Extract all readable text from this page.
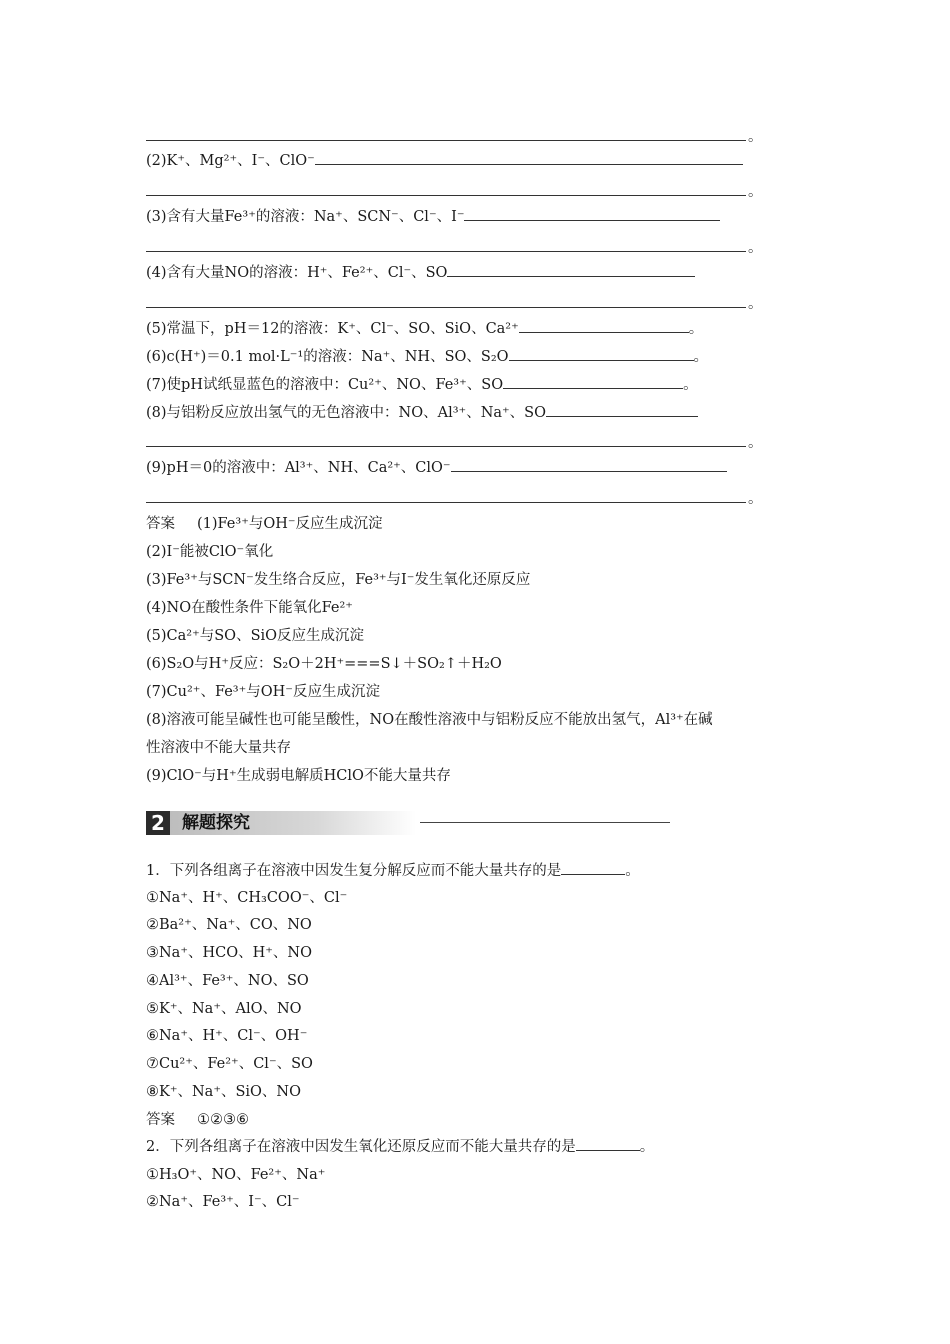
。
(2)K⁺、Mg²⁺、I⁻、ClO⁻
。
(3)含有大量Fe³⁺的溶液：Na⁺、SCN⁻、Cl⁻、I⁻
。
(4)含有大量NO的溶液：H⁺、Fe²⁺、Cl⁻、SO
。
(5)常温下，pH＝12的溶液：K⁺、Cl⁻、SO、SiO、Ca²⁺	。
(6)c(H⁺)＝0.1 mol·L⁻¹的溶液：Na⁺、NH、SO、S₂O	。
(7)使pH试纸显蓝色的溶液中：Cu²⁺、NO、Fe³⁺、SO	。
(8)与铝粉反应放出氢气的无色溶液中：NO、Al³⁺、Na⁺、SO
。
(9)pH＝0的溶液中：Al³⁺、NH、Ca²⁺、ClO⁻
。
答案 (1)Fe³⁺与OH⁻反应生成沉淀
(2)I⁻能被ClO⁻氧化
(3)Fe³⁺与SCN⁻发生络合反应，Fe³⁺与I⁻发生氧化还原反应
(4)NO在酸性条件下能氧化Fe²⁺
(5)Ca²⁺与SO、SiO反应生成沉淀
(6)S₂O与H⁺反应：S₂O＋2H⁺===S↓＋SO₂↑＋H₂O
(7)Cu²⁺、Fe³⁺与OH⁻反应生成沉淀
(8)溶液可能呈碱性也可能呈酸性，NO在酸性溶液中与铝粉反应不能放出氢气，Al³⁺在碱
性溶液中不能大量共存
(9)ClO⁻与H⁺生成弱电解质HClO不能大量共存
2 解题探究
1．下列各组离子在溶液中因发生复分解反应而不能大量共存的是	。
①Na⁺、H⁺、CH₃COO⁻、Cl⁻
②Ba²⁺、Na⁺、CO、NO
③Na⁺、HCO、H⁺、NO
④Al³⁺、Fe³⁺、NO、SO
⑤K⁺、Na⁺、AlO、NO
⑥Na⁺、H⁺、Cl⁻、OH⁻
⑦Cu²⁺、Fe²⁺、Cl⁻、SO
⑧K⁺、Na⁺、SiO、NO
答案 ①②③⑥
2．下列各组离子在溶液中因发生氧化还原反应而不能大量共存的是	。
①H₃O⁺、NO、Fe²⁺、Na⁺
②Na⁺、Fe³⁺、I⁻、Cl⁻
